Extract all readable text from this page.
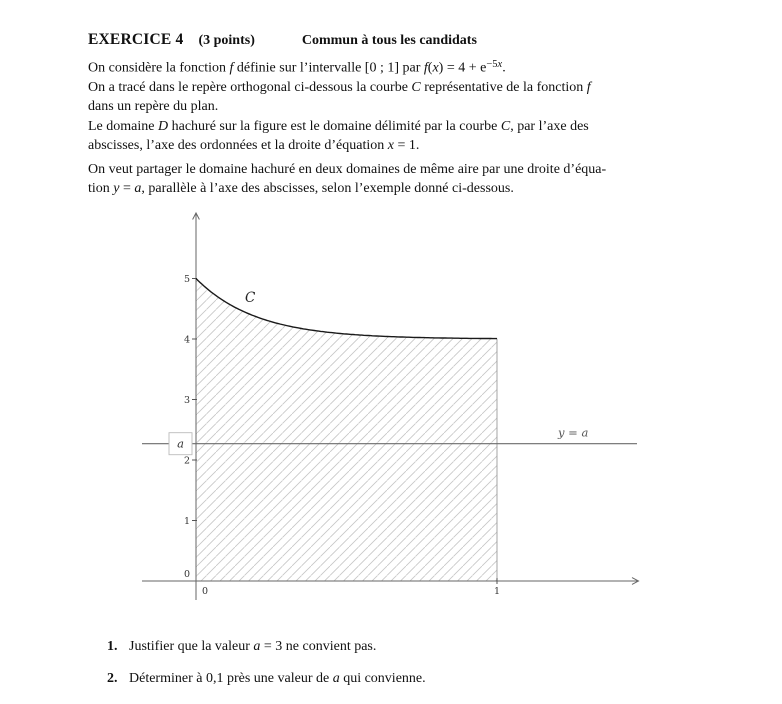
EXERCICE 4 (3 points)	Commun à tous les candidats
On considère la fonction f définie sur l’intervalle [0 ; 1] par $f(x) = 4 + e^{-5x}$.
On a tracé dans le repère orthogonal ci-dessous la courbe C représentative de la fonction f
dans un repère du plan.
Le domaine D hachuré sur la figure est le domaine délimité par la courbe C, par l’axe des
abscisses, l’axe des ordonnées et la droite d’équation x = 1.
On veut partager le domaine hachuré en deux domaines de même aire par une droite d’équa-
tion y = a, parallèle à l’axe des abscisses, selon l’exemple donné ci-dessous.
0
1
2
3
4
5
0	1
a
y = a
C
1. Justifier que la valeur a = 3 ne convient pas.
2. Déterminer à 0,1 près une valeur de a qui convienne.
